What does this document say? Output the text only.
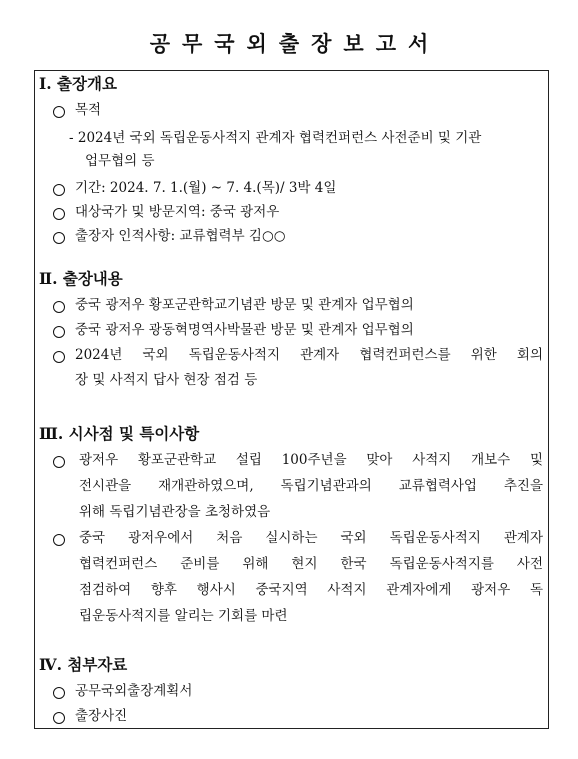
공무국외출장보고서
Ⅰ. 출장개요
목적
- 2024년 국외 독립운동사적지 관계자 협력컨퍼런스 사전준비 및 기관
업무협의 등
기간: 2024. 7. 1.(월) ~ 7. 4.(목)/ 3박 4일
대상국가 및 방문지역: 중국 광저우
출장자 인적사항: 교류협력부 김○○
Ⅱ. 출장내용
중국 광저우 황포군관학교기념관 방문 및 관계자 업무협의
중국 광저우 광동혁명역사박물관 방문 및 관계자 업무협의
2024년 국외 독립운동사적지 관계자 협력컨퍼런스를 위한 회의
장 및 사적지 답사 현장 점검 등
Ⅲ. 시사점 및 특이사항
광저우 황포군관학교 설립 100주년을 맞아 사적지 개보수 및
전시관을 재개관하였으며, 독립기념관과의 교류협력사업 추진을
위해 독립기념관장을 초청하였음
중국 광저우에서 처음 실시하는 국외 독립운동사적지 관계자
협력컨퍼런스 준비를 위해 현지 한국 독립운동사적지를 사전
점검하여 향후 행사시 중국지역 사적지 관계자에게 광저우 독
립운동사적지를 알리는 기회를 마련
Ⅳ. 첨부자료
공무국외출장계획서
출장사진
